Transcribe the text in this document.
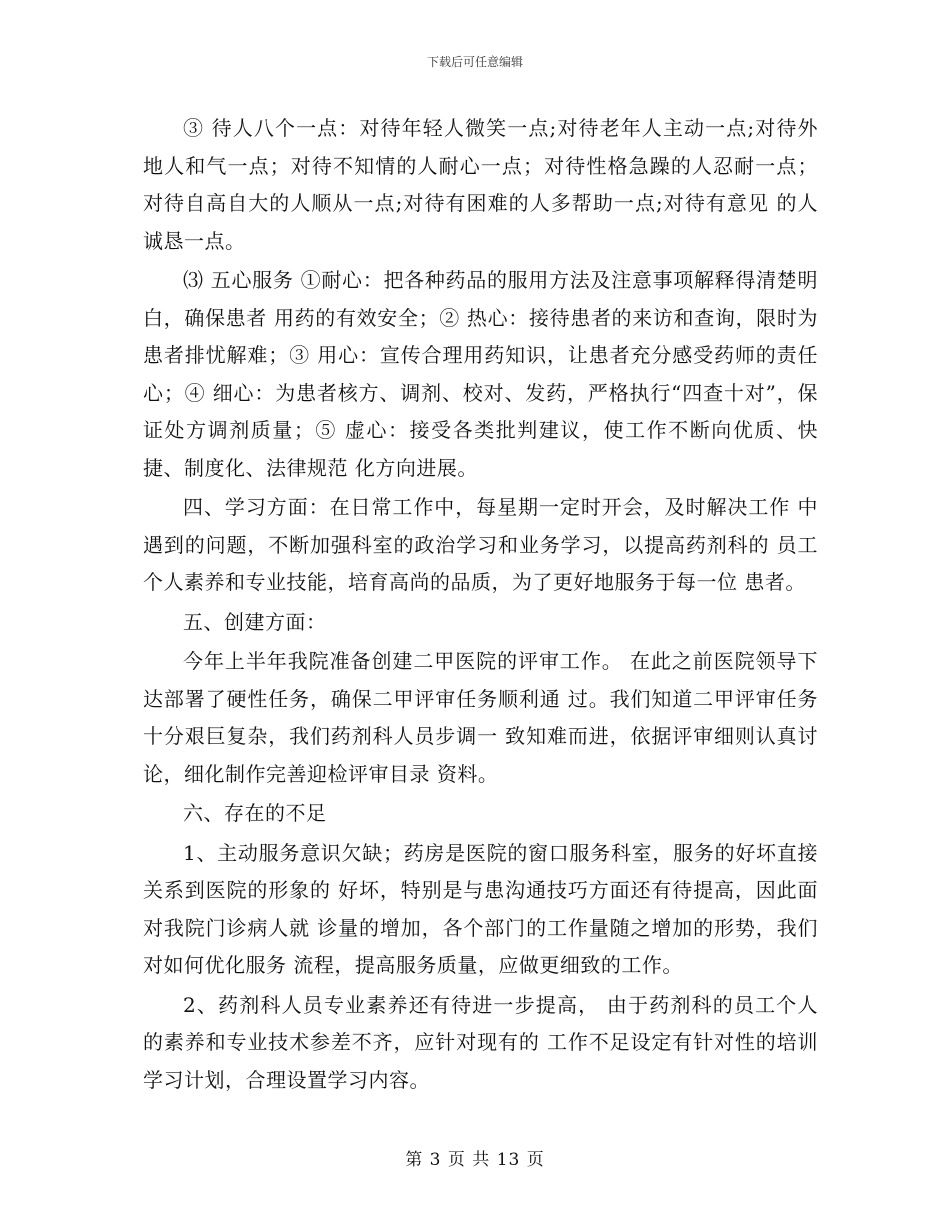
下载后可任意编辑

③ 待人八个一点：对待年轻人微笑一点;对待老年人主动一点;对待外 地人和气一点；对待不知情的人耐心一点；对待性格急躁的人忍耐一点；对待自高自大的人顺从一点;对待有困难的人多帮助一点;对待有意见 的人诚恳一点。

⑶ 五心服务 ①耐心：把各种药品的服用方法及注意事项解释得清楚明白，确保患者 用药的有效安全；② 热心：接待患者的来访和查询，限时为患者排忧解难；③ 用心：宣传合理用药知识，让患者充分感受药师的责任心；④ 细心：为患者核方、调剂、校对、发药，严格执行“四查十对”，保 证处方调剂质量；⑤ 虚心：接受各类批判建议，使工作不断向优质、快捷、制度化、法律规范 化方向进展。

四、学习方面：在日常工作中，每星期一定时开会，及时解决工作 中遇到的问题，不断加强科室的政治学习和业务学习，以提高药剂科的 员工个人素养和专业技能，培育高尚的品质，为了更好地服务于每一位 患者。

五、创建方面：

今年上半年我院准备创建二甲医院的评审工作。 在此之前医院领导下达部署了硬性任务，确保二甲评审任务顺利通 过。我们知道二甲评审任务十分艰巨复杂，我们药剂科人员步调一 致知难而进，依据评审细则认真讨论，细化制作完善迎检评审目录 资料。

六、存在的不足

1、主动服务意识欠缺；药房是医院的窗口服务科室，服务的好坏直接关系到医院的形象的 好坏，特别是与患沟通技巧方面还有待提高，因此面对我院门诊病人就 诊量的增加，各个部门的工作量随之增加的形势，我们对如何优化服务 流程，提高服务质量，应做更细致的工作。

2、药剂科人员专业素养还有待进一步提高， 由于药剂科的员工个人的素养和专业技术参差不齐，应针对现有的 工作不足设定有针对性的培训学习计划，合理设置学习内容。

第 3 页 共 13 页
